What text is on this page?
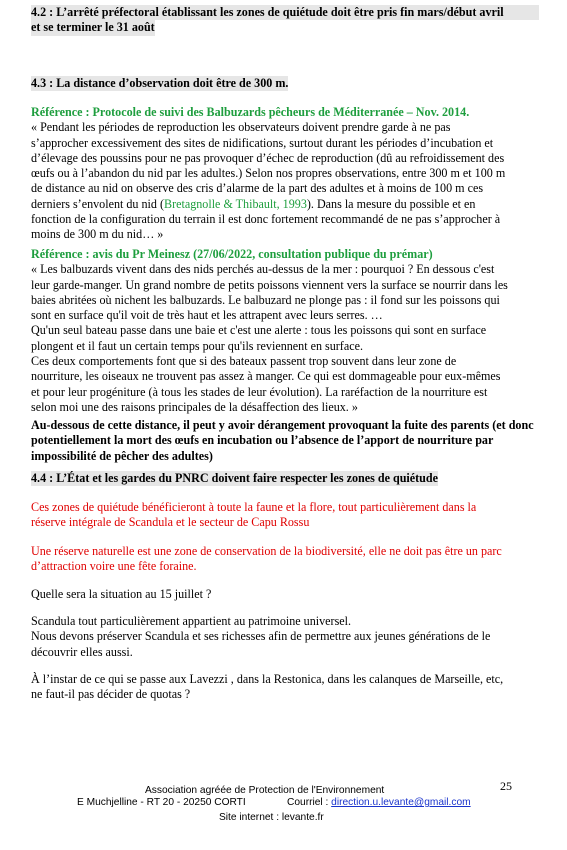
4.2 : L’arrêté préfectoral établissant les zones de quiétude doit être pris fin mars/début avril

et se terminer le 31 août

4.3 : La distance d’observation doit être de 300 m.

Référence : Protocole de suivi des Balbuzards pêcheurs de Méditerranée – Nov. 2014.

« Pendant les périodes de reproduction les observateurs doivent prendre garde à ne pas

s’approcher excessivement des sites de nidifications, surtout durant les périodes d’incubation et

d’élevage des poussins pour ne pas provoquer d’échec de reproduction (dû au refroidissement des

œufs ou à l’abandon du nid par les adultes.) Selon nos propres observations, entre 300 m et 100 m

de distance au nid on observe des cris d’alarme de la part des adultes et à moins de 100 m ces

derniers s’envolent du nid (Bretagnolle & Thibault, 1993). Dans la mesure du possible et en

fonction de la configuration du terrain il est donc fortement recommandé de ne pas s’approcher à

moins de 300 m du nid… »

Référence : avis du Pr Meinesz (27/06/2022, consultation publique du prémar)

« Les balbuzards vivent dans des nids perchés au-dessus de la mer : pourquoi ? En dessous c'est

leur garde-manger. Un grand nombre de petits poissons viennent vers la surface se nourrir dans les

baies abritées où nichent les balbuzards. Le balbuzard ne plonge pas : il fond sur les poissons qui

sont en surface qu'il voit de très haut et les attrapent avec leurs serres. …

Qu'un seul bateau passe dans une baie et c'est une alerte : tous les poissons qui sont en surface

plongent et il faut un certain temps pour qu'ils reviennent en surface.

Ces deux comportements font que si des bateaux passent trop souvent dans leur zone de

nourriture, les oiseaux ne trouvent pas assez à manger. Ce qui est dommageable pour eux-mêmes

et pour leur progéniture (à tous les stades de leur évolution). La raréfaction de la nourriture est

selon moi une des raisons principales de la désaffection des lieux. »

Au-dessous de cette distance, il peut y avoir dérangement provoquant la fuite des parents (et donc

potentiellement la mort des œufs en incubation ou l’absence de l’apport de nourriture par

impossibilité de pêcher des adultes)

4.4 : L’État et les gardes du PNRC doivent faire respecter les zones de quiétude

Ces zones de quiétude bénéficieront à toute la faune et la flore, tout particulièrement dans la

réserve intégrale de Scandula et le secteur de Capu Rossu

Une réserve naturelle est une zone de conservation de la biodiversité, elle ne doit pas être un parc

d’attraction voire une fête foraine.

Quelle sera la situation au 15 juillet ?

Scandula tout particulièrement appartient au patrimoine universel.

Nous devons préserver Scandula et ses richesses afin de permettre aux jeunes générations de le

découvrir elles aussi.

À l’instar de ce qui se passe aux Lavezzi , dans la Restonica, dans les calanques de Marseille, etc,

ne faut-il pas décider de quotas ?

Association agréée de Protection de l'Environnement
E Muchjelline - RT 20 - 20250 CORTI	Courriel : direction.u.levante@gmail.com
Site internet : levante.fr
25
